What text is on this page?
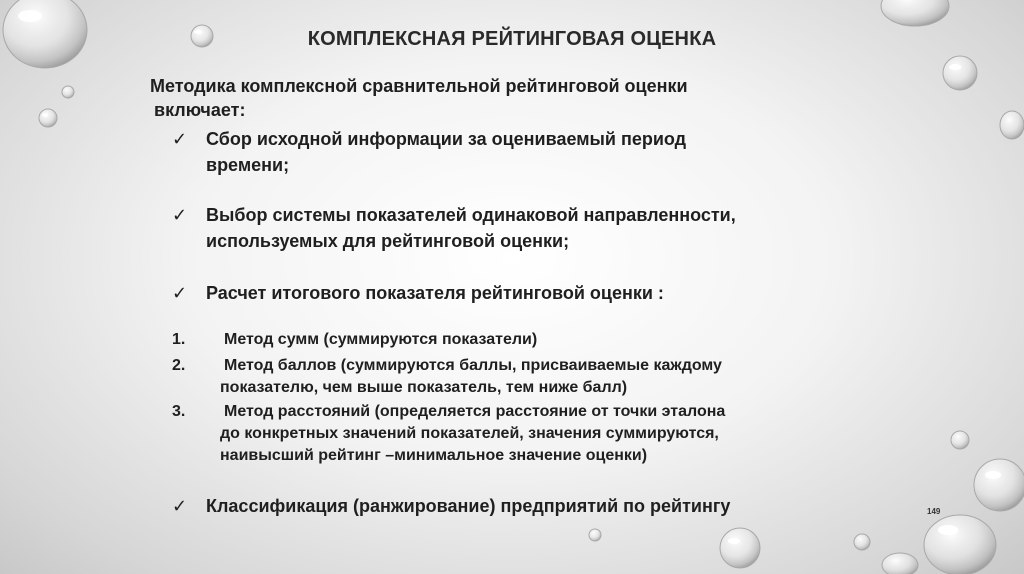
КОМПЛЕКСНАЯ РЕЙТИНГОВАЯ ОЦЕНКА
Методика комплексной сравнительной рейтинговой оценки
включает:
✓	Сбор исходной информации за оцениваемый период
времени;
✓	Выбор системы показателей одинаковой направленности,
используемых для рейтинговой оценки;
✓	Расчет итогового показателя рейтинговой оценки :
1. Метод сумм (суммируются показатели)
2. Метод баллов (суммируются баллы, присваиваемые каждому
показателю, чем выше показатель, тем ниже балл)
3. Метод расстояний (определяется расстояние от точки эталона
до конкретных значений показателей, значения суммируются,
наивысший рейтинг –минимальное значение оценки)
✓	Классификация (ранжирование) предприятий по рейтингу	149
